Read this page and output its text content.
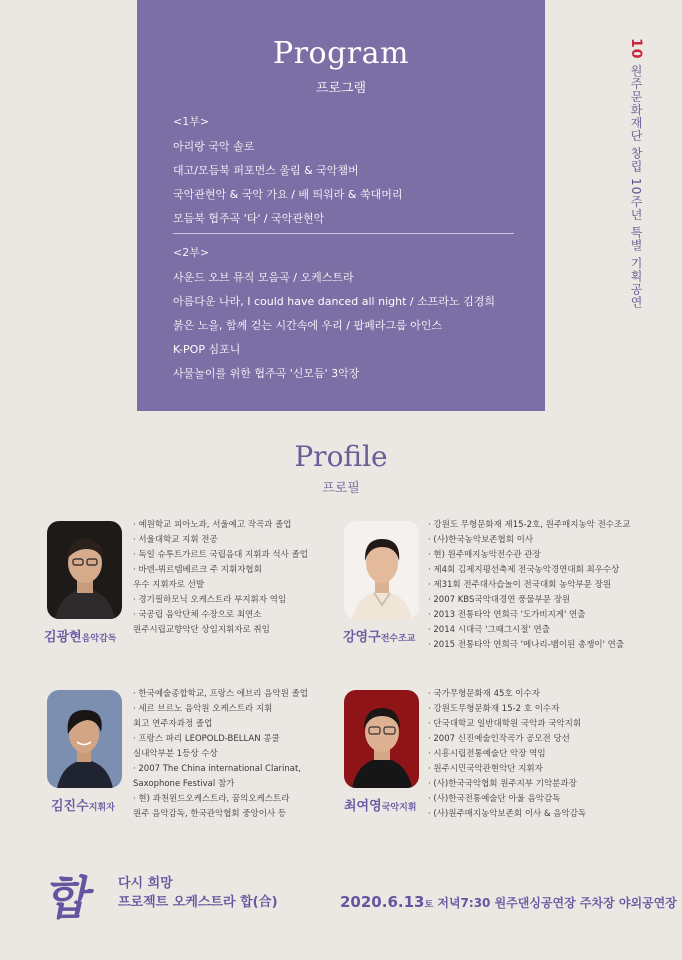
Program
프로그램
<1부>
아리랑 국악 솔로
대고/모듬북 퍼포먼스 울림 & 국악챔버
국악관현악 & 국악 가요 / 배 띄워라 & 쑥대머리
모듬북 협주곡 '타' / 국악관현악
<2부>
사운드 오브 뮤직 모음곡 / 오케스트라
아름다운 나라, I could have danced all night / 소프라노 김경희
붉은 노을, 함께 걷는 시간속에 우리 / 팝페라그룹 아인스
K-POP 심포니
사물놀이를 위한 협주곡 '신모듬' 3악장
10 원주문화재단 창립 10주년 특별 기획공연
Profile
프로필
김광현음악감독
· 예원학교 피아노과, 서울예고 작곡과 졸업
· 서울대학교 지휘 전공
· 독일 슈투트가르트 국립음대 지휘과 석사 졸업
· 바덴-뷔르템베르크 주 지휘자협회
우수 지휘자로 선발
· 경기필하모닉 오케스트라 부지휘자 역임
· 국공립 음악단체 수장으로 최연소
원주시립교향악단 상임지휘자로 취임	강영구전수조교
· 강원도 무형문화재 제15-2호, 원주매지농악 전수조교
· (사)한국농악보존협회 이사
· 현) 원주매지농악전수관 관장
· 제4회 김제지평선축제 전국농악경연대회 최우수상
· 제31회 전주대사습놀이 전국대회 농악부문 장원
· 2007 KBS국악대경연 풍물부문 장원
· 2013 전통타악 연희극 '도가비지게' 연출
· 2014 시대극 '그때그시절' 연출
· 2015 전통타악 연희극 '메나리-뱀이된 총쟁이' 연출
김진수지휘자
· 한국예술종합학교, 프랑스 에브리 음악원 졸업
· 세르 브르노 음악원 오케스트라 지휘
최고 연주자과정 졸업
· 프랑스 파리 LEOPOLD-BELLAN 콩쿨
실내악부분 1등상 수상
· 2007 The China international Clarinat,
Saxophone Festival 참가
· 현) 과천윈드오케스트라, 꿈의오케스트라
원주 음악감독, 한국관악협회 중앙이사 등	최여영국악지휘
· 국가무형문화재 45호 이수자
· 강원도무형문화재 15-2 호 이수자
· 단국대학교 일반대학원 국악과 국악지휘
· 2007 신진예술인작곡가 공모전 당선
· 시흥시립전통예술단 악장 역임
· 원주시민국악관현악단 지휘자
· (사)한국국악협회 원주지부 기악분과장
· (사)한국전통예술단 아울 음악감독
· (사)원주매지농악보존회 이사 & 음악감독
합 다시 희망
프로젝트 오케스트라 합(合)	2020.6.13토 저녁7:30 원주댄싱공연장 주차장 야외공연장
